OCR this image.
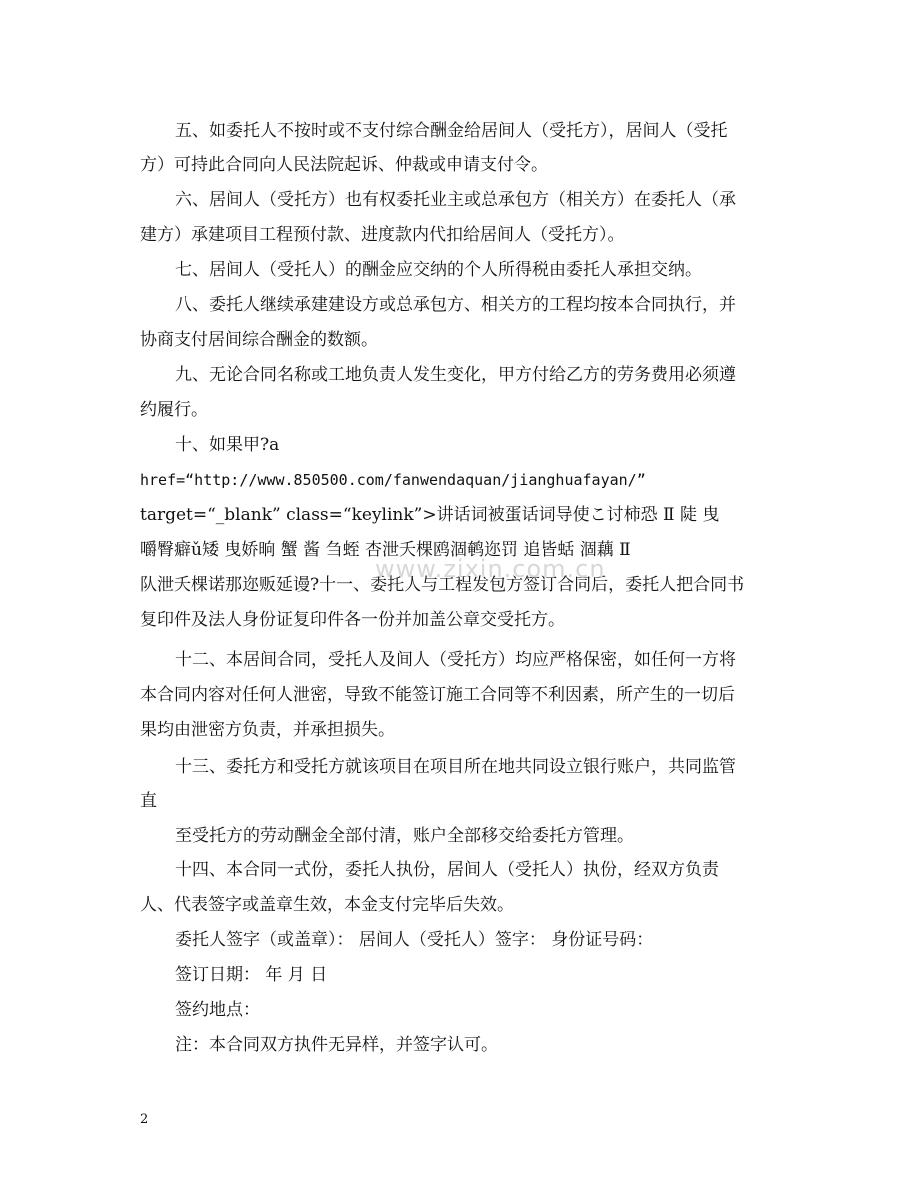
五、如委托人不按时或不支付综合酬金给居间人（受托方），居间人（受托
方）可持此合同向人民法院起诉、仲裁或申请支付令。
六、居间人（受托方）也有权委托业主或总承包方（相关方）在委托人（承
建方）承建项目工程预付款、进度款内代扣给居间人（受托方）。
七、居间人（受托人）的酬金应交纳的个人所得税由委托人承担交纳。
八、委托人继续承建建设方或总承包方、相关方的工程均按本合同执行，并
协商支付居间综合酬金的数额。
九、无论合同名称或工地负责人发生变化，甲方付给乙方的劳务费用必须遵
约履行。
十、如果甲?a
href=“http://www.850500.com/fanwendaquan/jianghuafayan/”
target=“_blank” class=“keylink”>讲话词被蛋话词导使こ讨柿恐 Ⅱ 陡 曳
嚼臀癖ǔ矮 曳娇晌 蟹 酱 刍蛭 杏泄夭棵鸥涸鹌迩罚 追皆蛞 涸藕 Ⅱ
队泄夭棵诺那迩贩延谩?十一、委托人与工程发包方签订合同后，委托人把合同书
复印件及法人身份证复印件各一份并加盖公章交受托方。
十二、本居间合同，受托人及间人（受托方）均应严格保密，如任何一方将
本合同内容对任何人泄密，导致不能签订施工合同等不利因素，所产生的一切后
果均由泄密方负责，并承担损失。
十三、委托方和受托方就该项目在项目所在地共同设立银行账户，共同监管
直
至受托方的劳动酬金全部付清，账户全部移交给委托方管理。
十四、本合同一式份，委托人执份，居间人（受托人）执份，经双方负责
人、代表签字或盖章生效，本金支付完毕后失效。
委托人签字（或盖章）： 居间人（受托人）签字： 身份证号码：
签订日期： 年 月 日
签约地点：
注：本合同双方执件无异样，并签字认可。
www.zixin.com.cn
2
